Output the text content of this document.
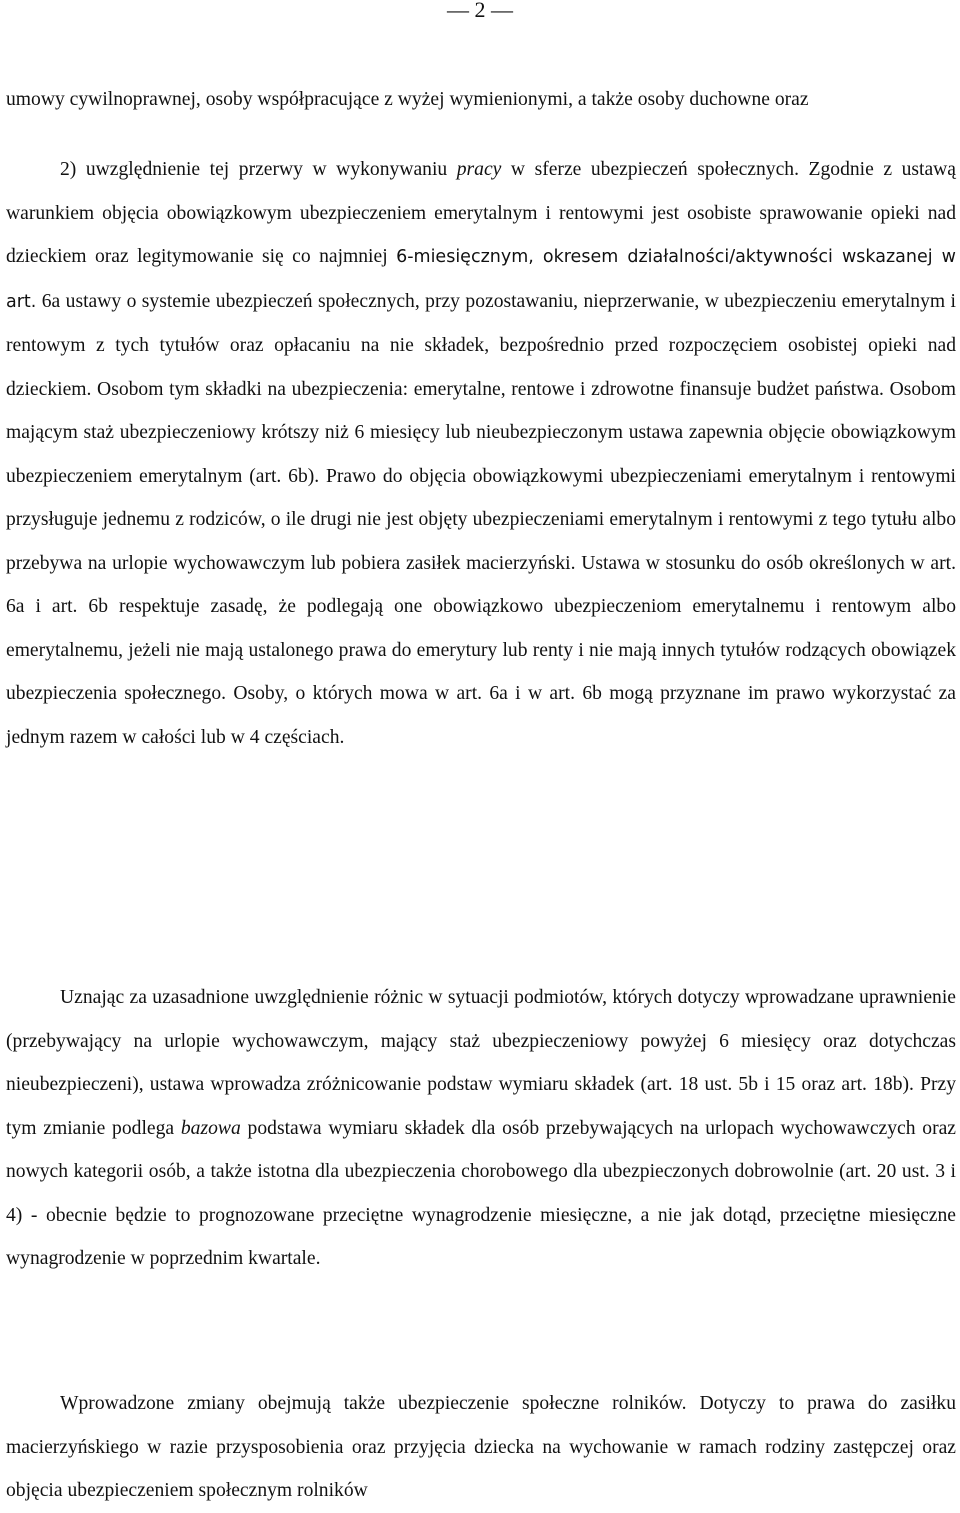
— 2 —

umowy cywilnoprawnej, osoby współpracujące z wyżej wymienionymi, a także osoby duchowne oraz

2) uwzględnienie tej przerwy w wykonywaniu pracy w sferze ubezpieczeń społecznych. Zgodnie z ustawą warunkiem objęcia obowiązkowym ubezpieczeniem emerytalnym i rentowymi jest osobiste sprawowanie opieki nad dzieckiem oraz legitymowanie się co najmniej 6-miesięcznym, okresem działalności/aktywności wskazanej w art. 6a ustawy o systemie ubezpieczeń społecznych, przy pozostawaniu, nieprzerwanie, w ubezpieczeniu emerytalnym i rentowym z tych tytułów oraz opłacaniu na nie składek, bezpośrednio przed rozpoczęciem osobistej opieki nad dzieckiem. Osobom tym składki na ubezpieczenia: emerytalne, rentowe i zdrowotne finansuje budżet państwa. Osobom mającym staż ubezpieczeniowy krótszy niż 6 miesięcy lub nieubezpieczonym ustawa zapewnia objęcie obowiązkowym ubezpieczeniem emerytalnym (art. 6b). Prawo do objęcia obowiązkowymi ubezpieczeniami emerytalnym i rentowymi przysługuje jednemu z rodziców, o ile drugi nie jest objęty ubezpieczeniami emerytalnym i rentowymi z tego tytułu albo przebywa na urlopie wychowawczym lub pobiera zasiłek macierzyński. Ustawa w stosunku do osób określonych w art. 6a i art. 6b respektuje zasadę, że podlegają one obowiązkowo ubezpieczeniom emerytalnemu i rentowym albo emerytalnemu, jeżeli nie mają ustalonego prawa do emerytury lub renty i nie mają innych tytułów rodzących obowiązek ubezpieczenia społecznego. Osoby, o których mowa w art. 6a i w art. 6b mogą przyznane im prawo wykorzystać za jednym razem w całości lub w 4 częściach.

Uznając za uzasadnione uwzględnienie różnic w sytuacji podmiotów, których dotyczy wprowadzane uprawnienie (przebywający na urlopie wychowawczym, mający staż ubezpieczeniowy powyżej 6 miesięcy oraz dotychczas nieubezpieczeni), ustawa wprowadza zróżnicowanie podstaw wymiaru składek (art. 18 ust. 5b i 15 oraz art. 18b). Przy tym zmianie podlega bazowa podstawa wymiaru składek dla osób przebywających na urlopach wychowawczych oraz nowych kategorii osób, a także istotna dla ubezpieczenia chorobowego dla ubezpieczonych dobrowolnie (art. 20 ust. 3 i 4) - obecnie będzie to prognozowane przeciętne wynagrodzenie miesięczne, a nie jak dotąd, przeciętne miesięczne wynagrodzenie w poprzednim kwartale.

Wprowadzone zmiany obejmują także ubezpieczenie społeczne rolników. Dotyczy to prawa do zasiłku macierzyńskiego w razie przysposobienia oraz przyjęcia dziecka na wychowanie w ramach rodziny zastępczej oraz objęcia ubezpieczeniem społecznym rolników
